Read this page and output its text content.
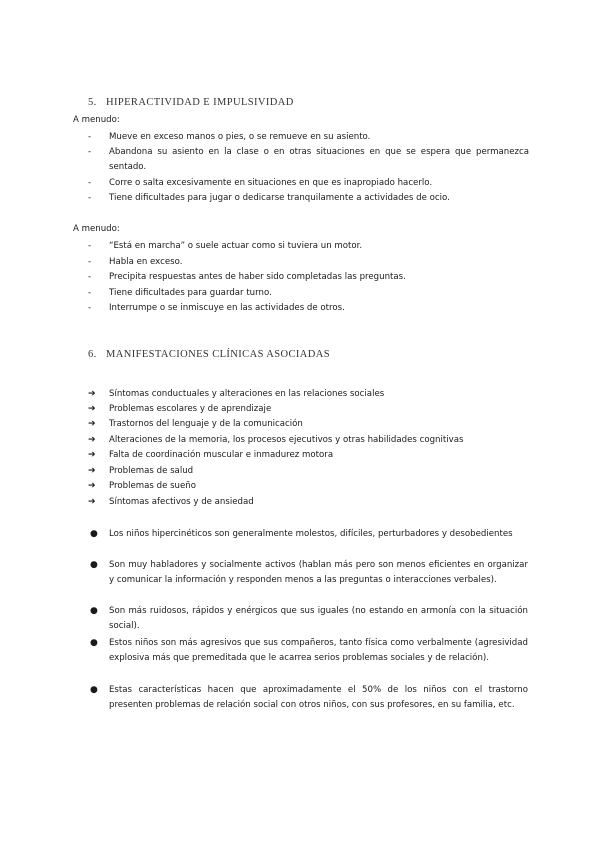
5. HIPERACTIVIDAD E IMPULSIVIDAD
A menudo:
- Mueve en exceso manos o pies, o se remueve en su asiento.
- Abandona su asiento en la clase o en otras situaciones en que se espera que permanezca sentado.
- Corre o salta excesivamente en situaciones en que es inapropiado hacerlo.
- Tiene dificultades para jugar o dedicarse tranquilamente a actividades de ocio.
A menudo:
- “Está en marcha” o suele actuar como si tuviera un motor.
- Habla en exceso.
- Precipita respuestas antes de haber sido completadas las preguntas.
- Tiene dificultades para guardar turno.
- Interrumpe o se inmiscuye en las actividades de otros.
6. MANIFESTACIONES CLÍNICAS ASOCIADAS
➔ Síntomas conductuales y alteraciones en las relaciones sociales
➔ Problemas escolares y de aprendizaje
➔ Trastornos del lenguaje y de la comunicación
➔ Alteraciones de la memoria, los procesos ejecutivos y otras habilidades cognitivas
➔ Falta de coordinación muscular e inmadurez motora
➔ Problemas de salud
➔ Problemas de sueño
➔ Síntomas afectivos y de ansiedad
● Los niños hipercinéticos son generalmente molestos, difíciles, perturbadores y desobedientes
● Son muy habladores y socialmente activos (hablan más pero son menos eficientes en organizar y comunicar la información y responden menos a las preguntas o interacciones verbales).
● Son más ruidosos, rápidos y enérgicos que sus iguales (no estando en armonía con la situación social).
● Estos niños son más agresivos que sus compañeros, tanto física como verbalmente (agresividad explosiva más que premeditada que le acarrea serios problemas sociales y de relación).
● Estas características hacen que aproximadamente el 50% de los niños con el trastorno presenten problemas de relación social con otros niños, con sus profesores, en su familia, etc.
